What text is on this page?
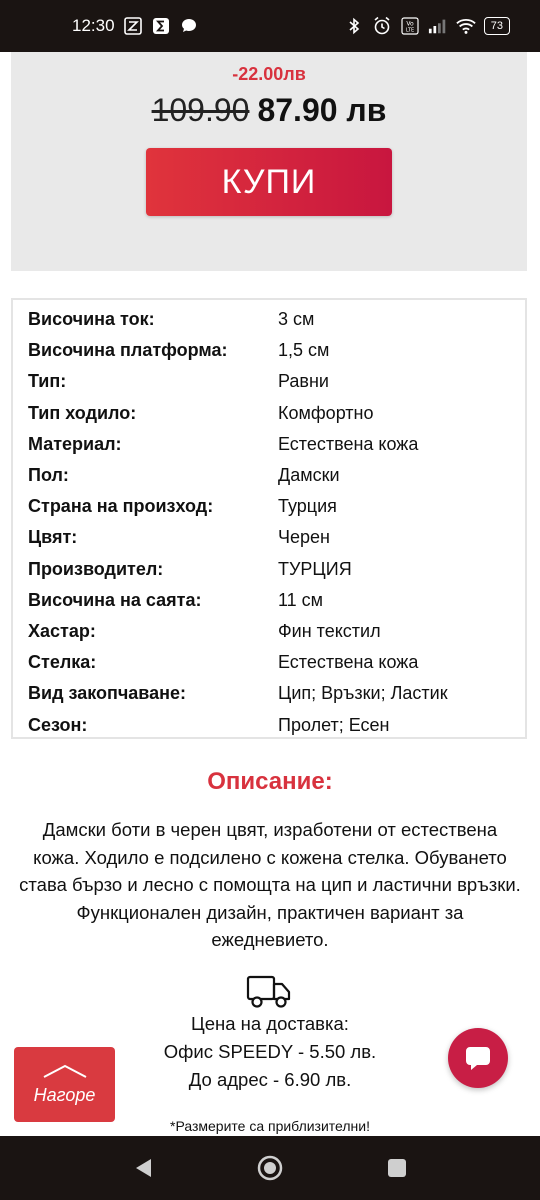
12:30	Vo
LTE	73
-22.00лв
109.90 87.90 лв
КУПИ
Височина ток:	3 см
Височина платформа:	1,5 см
Тип:	Равни
Тип ходило:	Комфортно
Материал:	Естествена кожа
Пол:	Дамски
Страна на произход:	Турция
Цвят:	Черен
Производител:	ТУРЦИЯ
Височина на саята:	11 см
Хастар:	Фин текстил
Стелка:	Естествена кожа
Вид закопчаване:	Цип; Връзки; Ластик
Сезон:	Пролет; Есен
Описание:
Дамски боти в черен цвят, изработени от естествена кожа. Ходило е подсилено с кожена стелка. Обуването става бързо и лесно с помощта на цип и ластични връзки. Функционален дизайн, практичен вариант за ежедневието.
Цена на доставка:
Офис SPEEDY - 5.50 лв.
До адрес - 6.90 лв.
*Размерите са приблизителни!
Нагоре
